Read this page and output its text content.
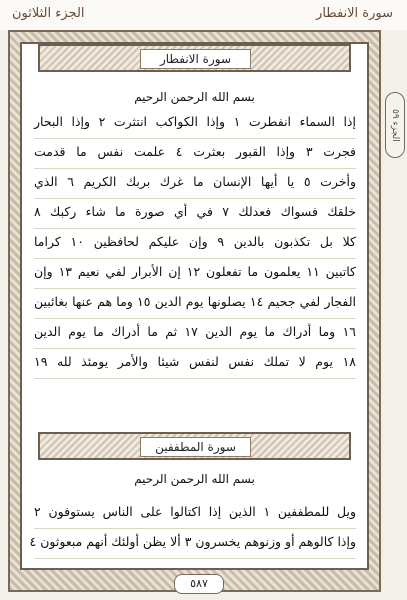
الجزء الثلاثون	سورة الانفطار
الجزء ٥٩
سورة الانفطار
بسم الله الرحمن الرحيم
إذا السماء انفطرت ١ وإذا الكواكب انتثرت ٢ وإذا البحار
فجرت ٣ وإذا القبور بعثرت ٤ علمت نفس ما قدمت
وأخرت ٥ يا أيها الإنسان ما غرك بربك الكريم ٦ الذي
خلقك فسواك فعدلك ٧ في أي صورة ما شاء ركبك ٨
كلا بل تكذبون بالدين ٩ وإن عليكم لحافظين ١٠ كراما
كاتبين ١١ يعلمون ما تفعلون ١٢ إن الأبرار لفي نعيم ١٣ وإن
الفجار لفي جحيم ١٤ يصلونها يوم الدين ١٥ وما هم عنها بغائبين
١٦ وما أدراك ما يوم الدين ١٧ ثم ما أدراك ما يوم الدين
١٨ يوم لا تملك نفس لنفس شيئا والأمر يومئذ لله ١٩
سورة المطففين
بسم الله الرحمن الرحيم
ويل للمطففين ١ الذين إذا اكتالوا على الناس يستوفون ٢
وإذا كالوهم أو وزنوهم يخسرون ٣ ألا يظن أولئك أنهم مبعوثون ٤
٥٨٧
